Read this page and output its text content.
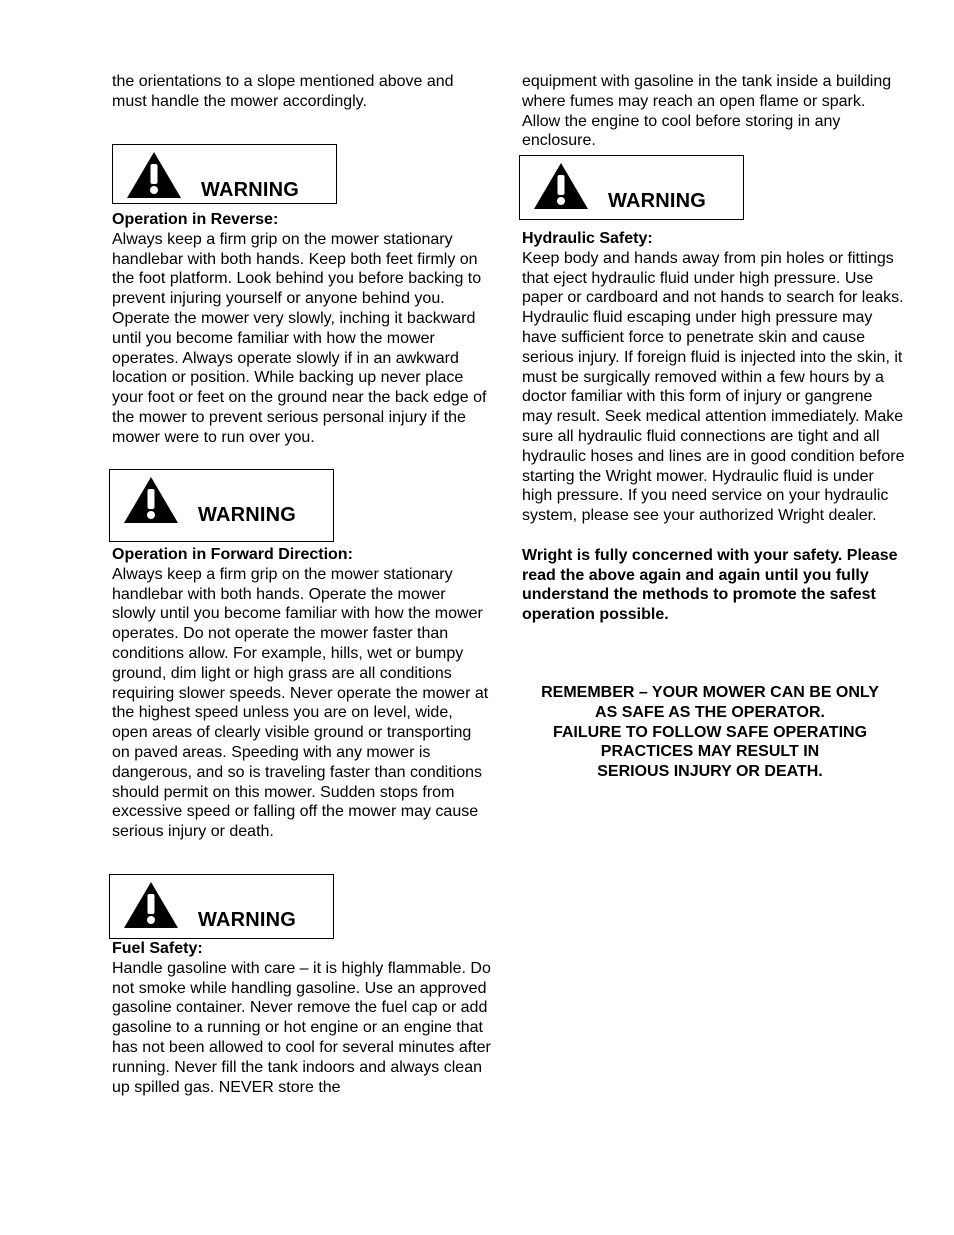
the orientations to a slope mentioned above and must handle the mower accordingly.

WARNING

Operation in Reverse:

Always keep a firm grip on the mower stationary handlebar with both hands. Keep both feet firmly on the foot platform. Look behind you before backing to prevent injuring yourself or anyone behind you. Operate the mower very slowly, inching it backward until you become familiar with how the mower operates. Always operate slowly if in an awkward location or position. While backing up never place your foot or feet on the ground near the back edge of the mower to prevent serious personal injury if the mower were to run over you.

WARNING

Operation in Forward Direction:

Always keep a firm grip on the mower stationary handlebar with both hands. Operate the mower slowly until you become familiar with how the mower operates. Do not operate the mower faster than conditions allow. For example, hills, wet or bumpy ground, dim light or high grass are all conditions requiring slower speeds. Never operate the mower at the highest speed unless you are on level, wide, open areas of clearly visible ground or transporting on paved areas. Speeding with any mower is dangerous, and so is traveling faster than conditions should permit on this mower. Sudden stops from excessive speed or falling off the mower may cause serious injury or death.

WARNING

Fuel Safety:

Handle gasoline with care – it is highly flammable. Do not smoke while handling gasoline. Use an approved gasoline container. Never remove the fuel cap or add gasoline to a running or hot engine or an engine that has not been allowed to cool for several minutes after running. Never fill the tank indoors and always clean up spilled gas. NEVER store the

equipment with gasoline in the tank inside a building where fumes may reach an open flame or spark. Allow the engine to cool before storing in any enclosure.

WARNING

Hydraulic Safety:

Keep body and hands away from pin holes or fittings that eject hydraulic fluid under high pressure. Use paper or cardboard and not hands to search for leaks. Hydraulic fluid escaping under high pressure may have sufficient force to penetrate skin and cause serious injury. If foreign fluid is injected into the skin, it must be surgically removed within a few hours by a doctor familiar with this form of injury or gangrene may result. Seek medical attention immediately. Make sure all hydraulic fluid connections are tight and all hydraulic hoses and lines are in good condition before starting the Wright mower. Hydraulic fluid is under high pressure. If you need service on your hydraulic system, please see your authorized Wright dealer.

Wright is fully concerned with your safety. Please read the above again and again until you fully understand the methods to promote the safest operation possible.

REMEMBER – YOUR MOWER CAN BE ONLY
AS SAFE AS THE OPERATOR.
FAILURE TO FOLLOW SAFE OPERATING
PRACTICES MAY RESULT IN
SERIOUS INJURY OR DEATH.
